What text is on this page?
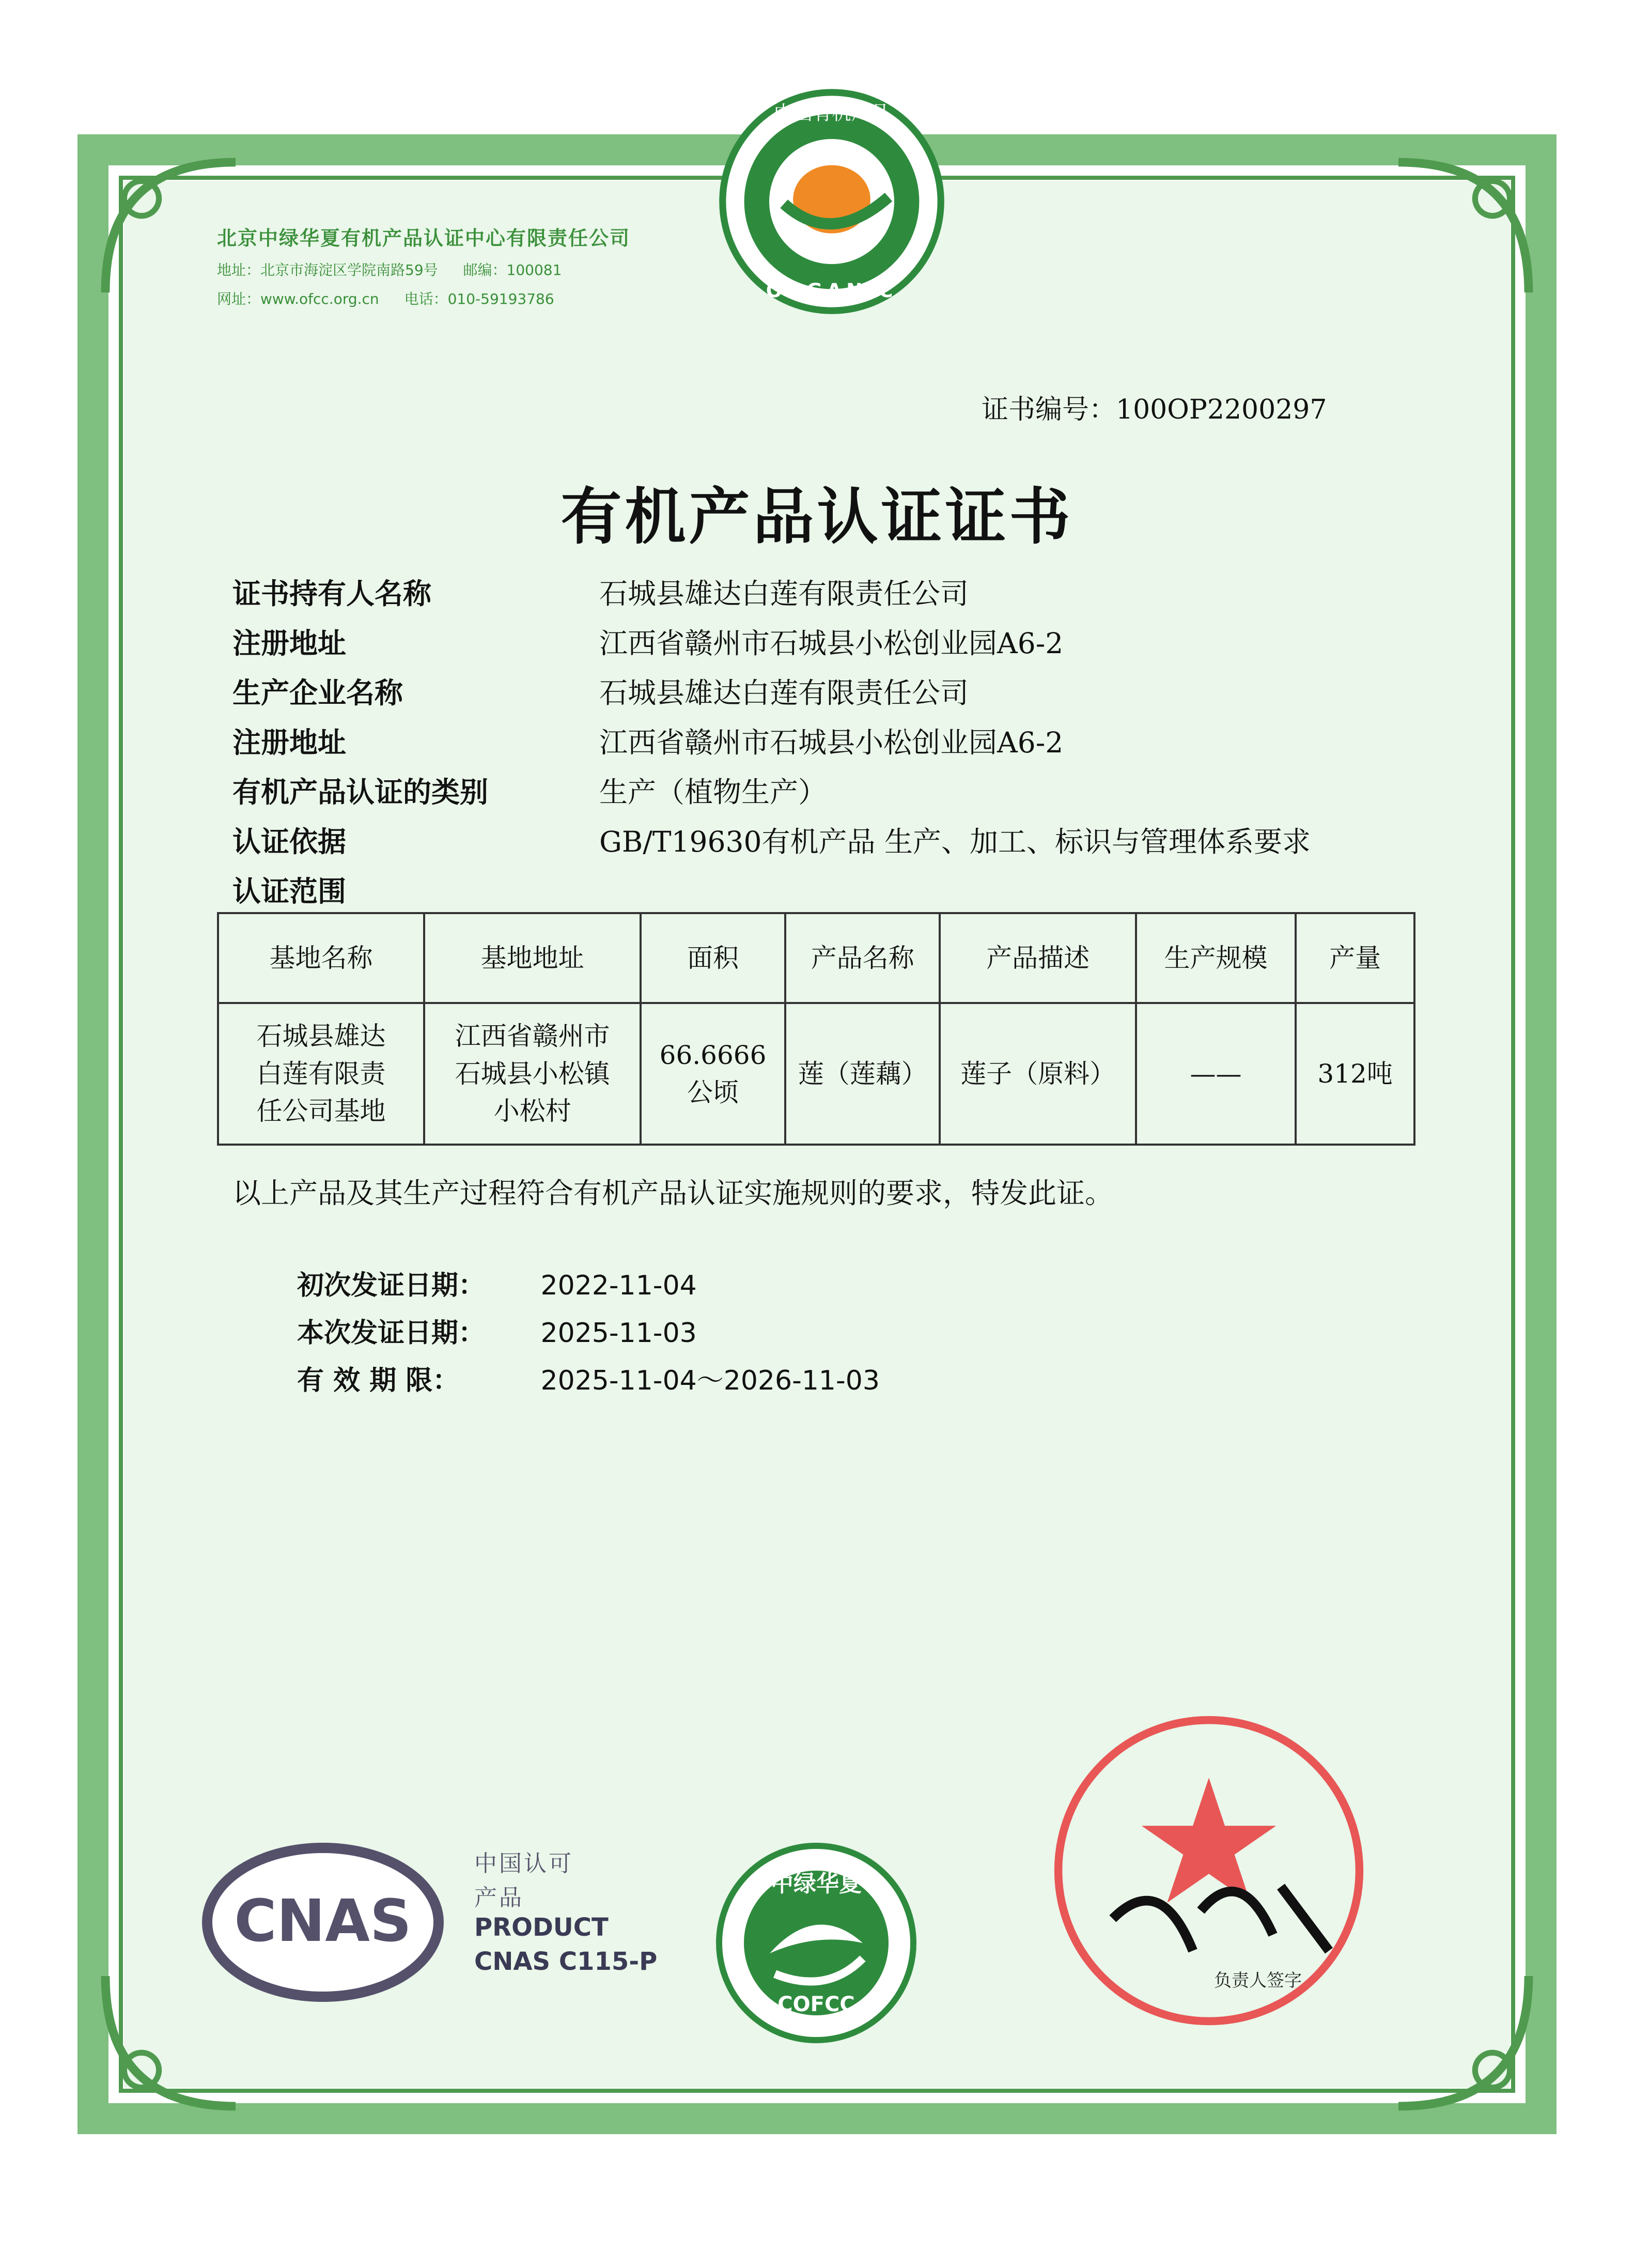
北京中绿华夏有机产品认证中心有限责任公司
地址：北京市海淀区学院南路59号 邮编：100081
网址：www.ofcc.org.cn 电话：010-59193786
中国有机产品
ORGANIC
证书编号：100OP2200297
有机产品认证证书
证书持有人名称	石城县雄达白莲有限责任公司
注册地址	江西省赣州市石城县小松创业园A6-2
生产企业名称	石城县雄达白莲有限责任公司
注册地址	江西省赣州市石城县小松创业园A6-2
有机产品认证的类别	生产（植物生产）
认证依据	GB/T19630有机产品 生产、加工、标识与管理体系要求
认证范围
基地名称	基地地址	面积	产品名称	产品描述	生产规模	产量
石城县雄达
白莲有限责
任公司基地	江西省赣州市
石城县小松镇
小松村	66.6666
公顷	莲（莲藕）	莲子（原料）	——	312吨
以上产品及其生产过程符合有机产品认证实施规则的要求，特发此证。
初次发证日期： 2022-11-04
本次发证日期： 2025-11-03
有 效 期 限：	2025-11-04～2026-11-03
CNAS
中国认可
产品
PRODUCT
CNAS C115-P
中绿华夏
COFCC
负责人签字
